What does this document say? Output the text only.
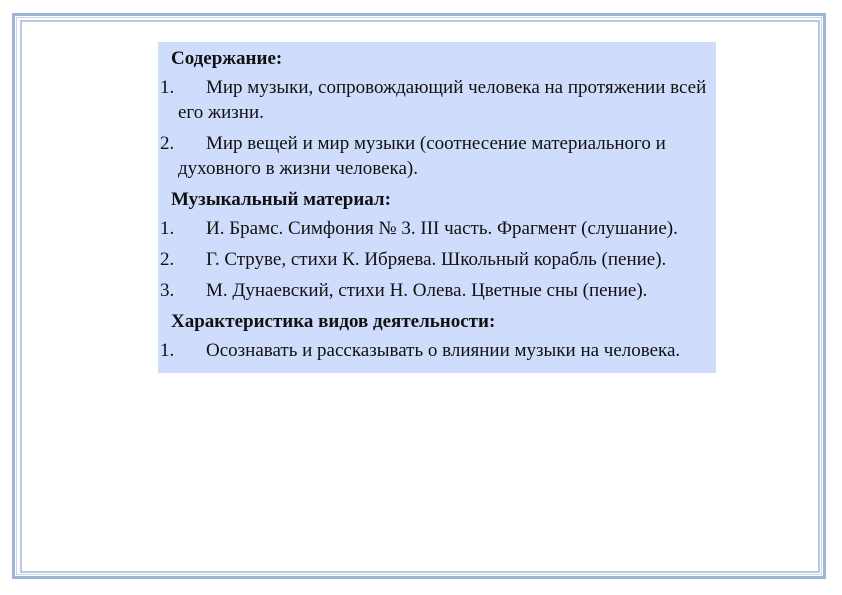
Содержание:
1.	Мир музыки, сопровождающий человека на протяжении всей его жизни.
2.	Мир вещей и мир музыки (соотнесение материального и духовного в жизни человека).
Музыкальный материал:
1.	И. Брамс. Симфония № 3. III часть. Фрагмент (слушание).
2.	Г. Струве, стихи К. Ибряева. Школьный корабль (пение).
3.	М. Дунаевский, стихи Н. Олева. Цветные сны (пение).
Характеристика видов деятельности:
1.	Осознавать и рассказывать о влиянии музыки на человека.
